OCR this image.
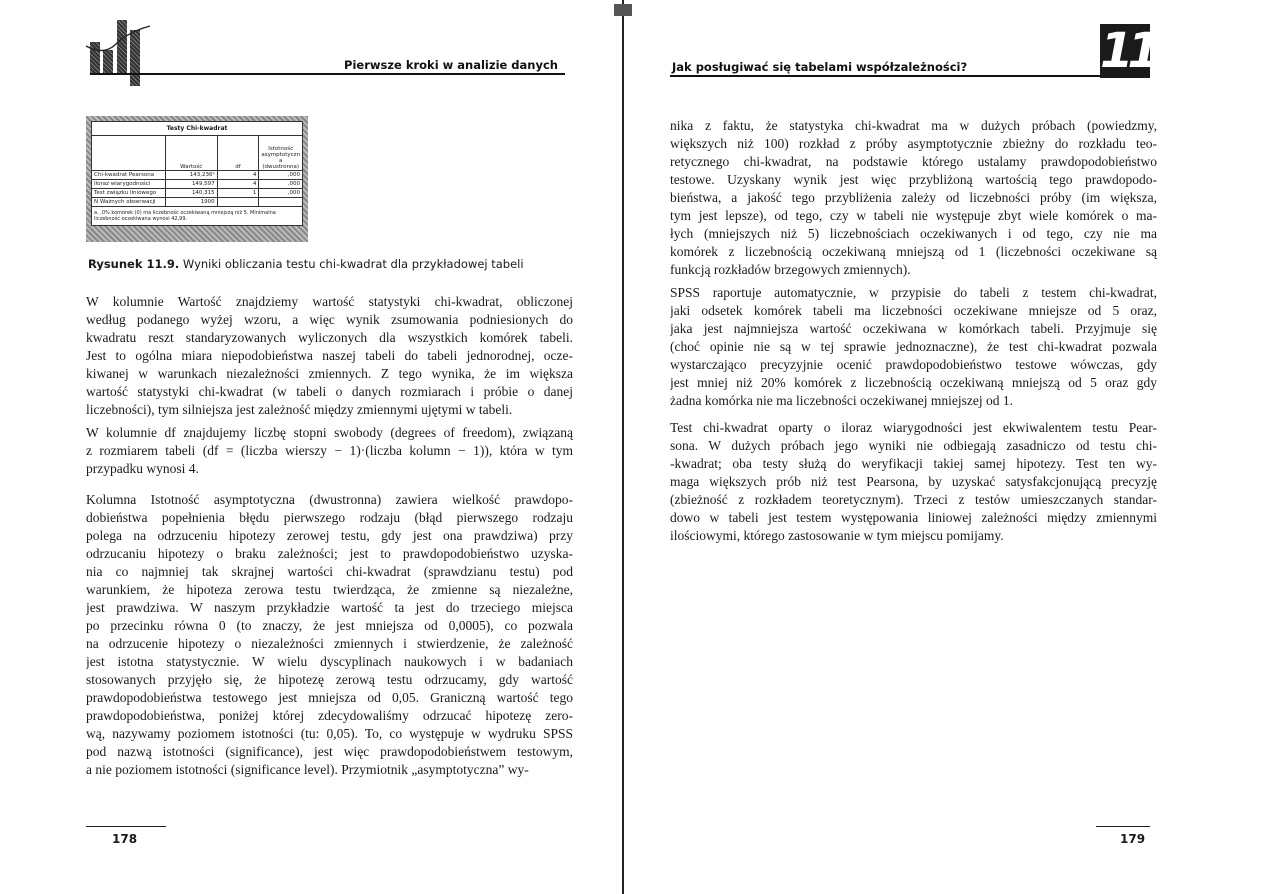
Pierwsze kroki w analizie danych
Testy Chi-kwadrat			
	Wartość	df	Istotność asymptotyczn a (dwustronna)
Chi-kwadrat Pearsona	143,236ᵃ	4	,000
Iloraz wiarygodności	149,597	4	,000
Test związku liniowego	140,315	1	,000
N Ważnych obserwacji	1900		
a. ,0% komórek (0) ma liczebność oczekiwaną mniejszą niż 5. Minimalna liczebność oczekiwana wynosi 42,99.			
Rysunek 11.9. Wyniki obliczania testu chi-kwadrat dla przykładowej tabeli
W kolumnie Wartość znajdziemy wartość statystyki chi-kwadrat, obliczonej
według podanego wyżej wzoru, a więc wynik zsumowania podniesionych do
kwadratu reszt standaryzowanych wyliczonych dla wszystkich komórek tabeli.
Jest to ogólna miara niepodobieństwa naszej tabeli do tabeli jednorodnej, ocze-
kiwanej w warunkach niezależności zmiennych. Z tego wynika, że im większa
wartość statystyki chi-kwadrat (w tabeli o danych rozmiarach i próbie o danej
liczebności), tym silniejsza jest zależność między zmiennymi ujętymi w tabeli.
W kolumnie df znajdujemy liczbę stopni swobody (degrees of freedom), związaną
z rozmiarem tabeli (df = (liczba wierszy − 1)·(liczba kolumn − 1)), która w tym
przypadku wynosi 4.
Kolumna Istotność asymptotyczna (dwustronna) zawiera wielkość prawdopo-
dobieństwa popełnienia błędu pierwszego rodzaju (błąd pierwszego rodzaju
polega na odrzuceniu hipotezy zerowej testu, gdy jest ona prawdziwa) przy
odrzucaniu hipotezy o braku zależności; jest to prawdopodobieństwo uzyska-
nia co najmniej tak skrajnej wartości chi-kwadrat (sprawdzianu testu) pod
warunkiem, że hipoteza zerowa testu twierdząca, że zmienne są niezależne,
jest prawdziwa. W naszym przykładzie wartość ta jest do trzeciego miejsca
po przecinku równa 0 (to znaczy, że jest mniejsza od 0,0005), co pozwala
na odrzucenie hipotezy o niezależności zmiennych i stwierdzenie, że zależność
jest istotna statystycznie. W wielu dyscyplinach naukowych i w badaniach
stosowanych przyjęło się, że hipotezę zerową testu odrzucamy, gdy wartość
prawdopodobieństwa testowego jest mniejsza od 0,05. Graniczną wartość tego
prawdopodobieństwa, poniżej której zdecydowaliśmy odrzucać hipotezę zero-
wą, nazywamy poziomem istotności (tu: 0,05). To, co występuje w wydruku SPSS
pod nazwą istotności (significance), jest więc prawdopodobieństwem testowym,
a nie poziomem istotności (significance level). Przymiotnik „asymptotyczna” wy-
178
Jak posługiwać się tabelami współzależności?	11
nika z faktu, że statystyka chi-kwadrat ma w dużych próbach (powiedzmy,
większych niż 100) rozkład z próby asymptotycznie zbieżny do rozkładu teo-
retycznego chi-kwadrat, na podstawie którego ustalamy prawdopodobieństwo
testowe. Uzyskany wynik jest więc przybliżoną wartością tego prawdopodo-
bieństwa, a jakość tego przybliżenia zależy od liczebności próby (im większa,
tym jest lepsze), od tego, czy w tabeli nie występuje zbyt wiele komórek o ma-
łych (mniejszych niż 5) liczebnościach oczekiwanych i od tego, czy nie ma
komórek z liczebnością oczekiwaną mniejszą od 1 (liczebności oczekiwane są
funkcją rozkładów brzegowych zmiennych).
SPSS raportuje automatycznie, w przypisie do tabeli z testem chi-kwadrat,
jaki odsetek komórek tabeli ma liczebności oczekiwane mniejsze od 5 oraz,
jaka jest najmniejsza wartość oczekiwana w komórkach tabeli. Przyjmuje się
(choć opinie nie są w tej sprawie jednoznaczne), że test chi-kwadrat pozwala
wystarczająco precyzyjnie ocenić prawdopodobieństwo testowe wówczas, gdy
jest mniej niż 20% komórek z liczebnością oczekiwaną mniejszą od 5 oraz gdy
żadna komórka nie ma liczebności oczekiwanej mniejszej od 1.
Test chi-kwadrat oparty o iloraz wiarygodności jest ekwiwalentem testu Pear-
sona. W dużych próbach jego wyniki nie odbiegają zasadniczo od testu chi-
-kwadrat; oba testy służą do weryfikacji takiej samej hipotezy. Test ten wy-
maga większych prób niż test Pearsona, by uzyskać satysfakcjonującą precyzję
(zbieżność z rozkładem teoretycznym). Trzeci z testów umieszczanych standar-
dowo w tabeli jest testem występowania liniowej zależności między zmiennymi
ilościowymi, którego zastosowanie w tym miejscu pomijamy.
179
